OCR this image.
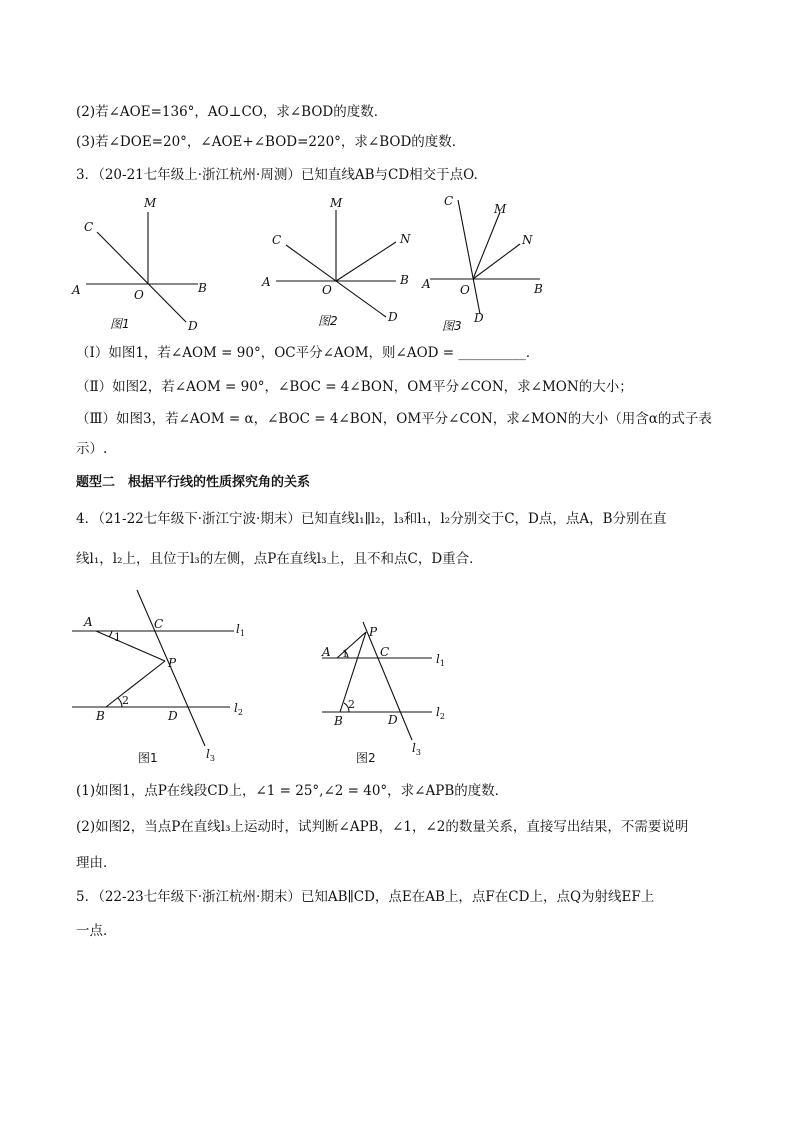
(2)若∠AOE=136°，AO⊥CO，求∠BOD的度数．
(3)若∠DOE=20°，∠AOE+∠BOD=220°，求∠BOD的度数．
3．（20-21七年级上·浙江杭州·周测）已知直线AB与CD相交于点O.
C
M
A	O	B
D
图1
C
M
N
A
O
B
D
图2
C
M
N
A O	B
D
图3
（Ⅰ）如图1，若∠AOM = 90°，OC平分∠AOM，则∠AOD = __________．
（Ⅱ）如图2，若∠AOM = 90°，∠BOC = 4∠BON，OM平分∠CON，求∠MON的大小；
（Ⅲ）如图3，若∠AOM = α，∠BOC = 4∠BON，OM平分∠CON，求∠MON的大小（用含α的式子表
示）.
题型二　根据平行线的性质探究角的关系
4．（21-22七年级下·浙江宁波·期末）已知直线l₁∥l₂，l₃和l₁，l₂分别交于C，D点，点A，B分别在直
线l₁，l₂上，且位于l₃的左侧，点P在直线l₃上，且不和点C，D重合．
A	C
1
P
2
B	D
$l_1$
$l_2$
$l_3$
图1
P
A 1	C
2
B	D
$l_1$
$l_2$
$l_3$
图2
(1)如图1，点P在线段CD上，∠1 = 25°,∠2 = 40°，求∠APB的度数．
(2)如图2，当点P在直线l₃上运动时，试判断∠APB，∠1，∠2的数量关系，直接写出结果，不需要说明
理由．
5．（22-23七年级下·浙江杭州·期末）已知AB∥CD，点E在AB上，点F在CD上，点Q为射线EF上
一点．
